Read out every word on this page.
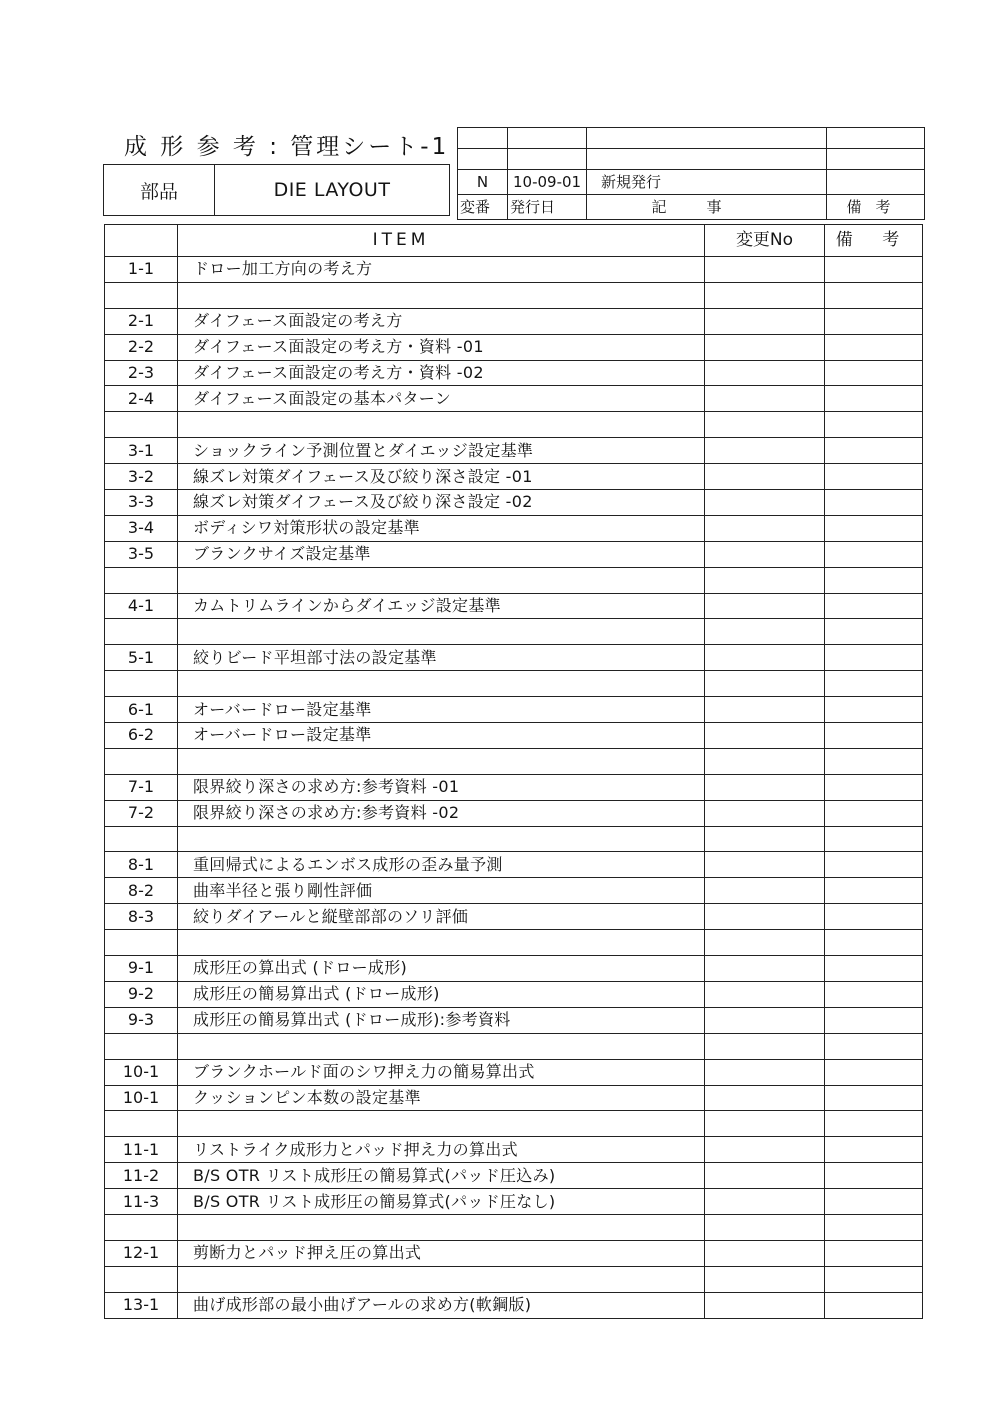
成 形 参 考 : 管理シート-1
部品	DIE LAYOUT

				N	10-09-01	新規発行	
変番	発行日	記事	備考
	ITEM	変更No	備 考
1-1	ドロー加工方向の考え方		

2-1	ダイフェース面設定の考え方		
2-2	ダイフェース面設定の考え方・資料 -01		
2-3	ダイフェース面設定の考え方・資料 -02		
2-4	ダイフェース面設定の基本パターン		

3-1	ショックライン予測位置とダイエッジ設定基準		
3-2	線ズレ対策ダイフェース及び絞り深さ設定 -01		
3-3	線ズレ対策ダイフェース及び絞り深さ設定 -02		
3-4	ボディシワ対策形状の設定基準		
3-5	ブランクサイズ設定基準		

4-1	カムトリムラインからダイエッジ設定基準		

5-1	絞りビード平坦部寸法の設定基準		

6-1	オーバードロー設定基準		
6-2	オーバードロー設定基準		

7-1	限界絞り深さの求め方:参考資料 -01		
7-2	限界絞り深さの求め方:参考資料 -02		

8-1	重回帰式によるエンボス成形の歪み量予測		
8-2	曲率半径と張り剛性評価		
8-3	絞りダイアールと縦壁部部のソリ評価		

9-1	成形圧の算出式 (ドロー成形)		
9-2	成形圧の簡易算出式 (ドロー成形)		
9-3	成形圧の簡易算出式 (ドロー成形):参考資料		

10-1	ブランクホールド面のシワ押え力の簡易算出式		
10-1	クッションピン本数の設定基準		

11-1	リストライク成形力とパッド押え力の算出式		
11-2	B/S OTR リスト成形圧の簡易算式(パッド圧込み)		
11-3	B/S OTR リスト成形圧の簡易算式(パッド圧なし)		

12-1	剪断力とパッド押え圧の算出式		

13-1	曲げ成形部の最小曲げアールの求め方(軟鋼版)		
